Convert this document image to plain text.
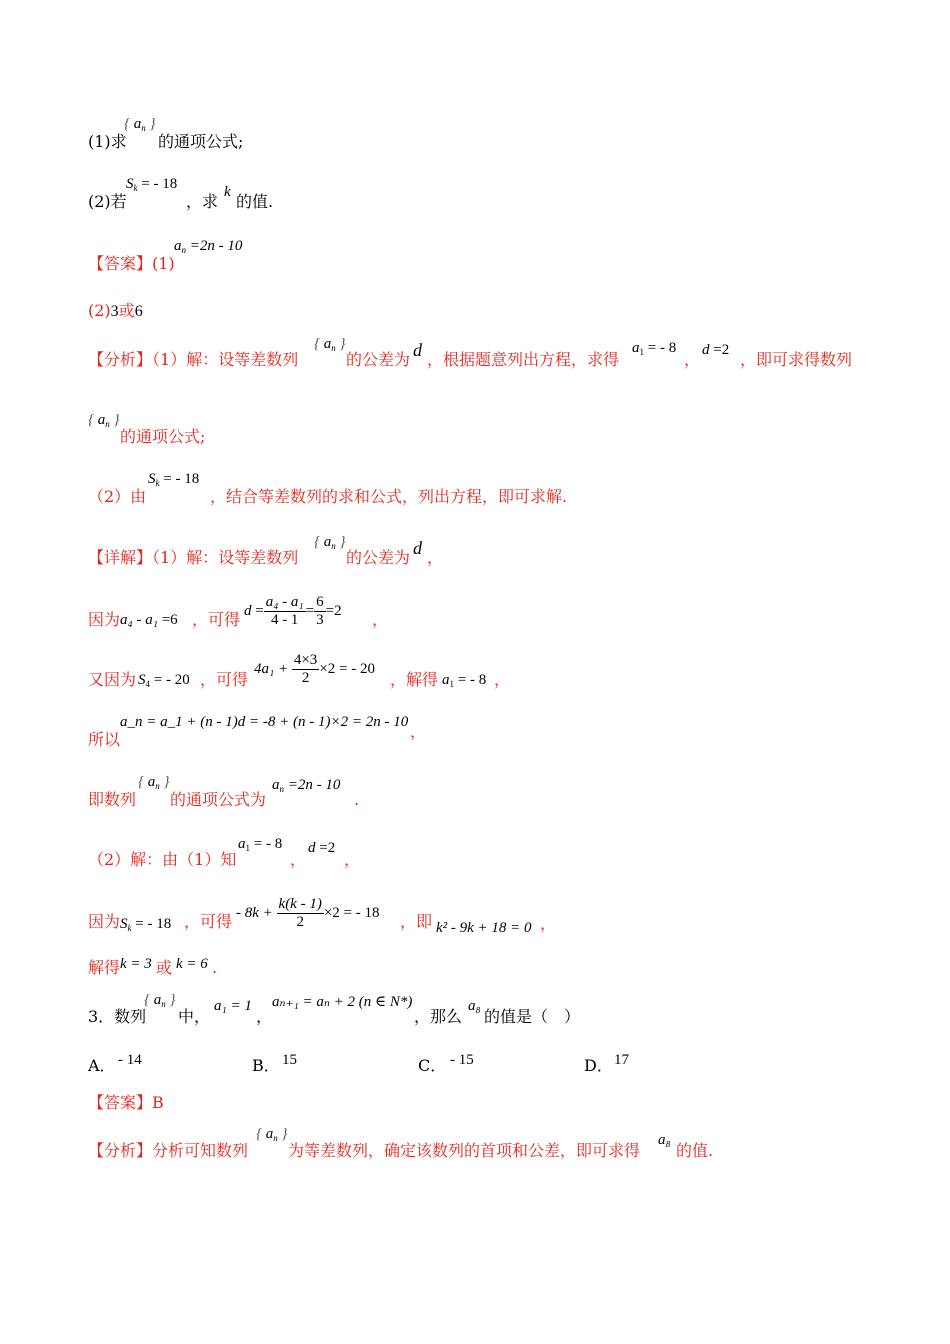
(1)求
{ $a_n$ }
的通项公式;
(2)若
$S_k$ = - 18
，求 k 的值.
【答案】(1)
$a_n =2n - 10$
(2)3或6
【分析】（1）解：设等差数列
{ $a_n$ }
的公差为 d ，根据题意列出方程，求得
$a_1$ = - 8
， d =2 ，即可求得数列
{ $a_n$ }
的通项公式;
（2）由
$S_k$ = - 18
，结合等差数列的求和公式，列出方程，即可求解.
【详解】（1）解：设等差数列
{ $a_n$ }
的公差为 d ，
因为 a₄ - a₁ =6 ，可得 $d = \frac{\text{a₄ - a₁}}{4 - 1} = \frac{6}{3} =2$ ，
又因为 $S_4$ = - 20 ，可得
$4a_1 + \frac{4\times 3}{2} \times 2$ = - 20
，解得 $a_1$ = - 8 ，
所以
a_n = a_1 + (n - 1)d = -8 + (n - 1)×2 = 2n - 10 ，
即数列
{ $a_n$ }
的通项公式为
$a_n =2n - 10$
.
（2）解：由（1）知
$a_1$ = - 8
，
d =2
，
因为 $S_k$ = - 18 ，可得 - $8k + \frac{k(k - 1)}{2} \times 2$ = - 18 ，即 k² - 9k + 18 = 0 ，
解得 k = 3 或 k = 6 .
3．数列
{ $a_n$ }
中，
a₁ = 1
，
aₙ₊₁ = aₙ + 2 (n ∈ N*)
，那么
a₈
的值是（　）
A． - 14	B． 15	C． - 15	D． 17
【答案】B
【分析】分析可知数列
{ $a_n$ }
为等差数列，确定该数列的首项和公差，即可求得
a₈
的值.
